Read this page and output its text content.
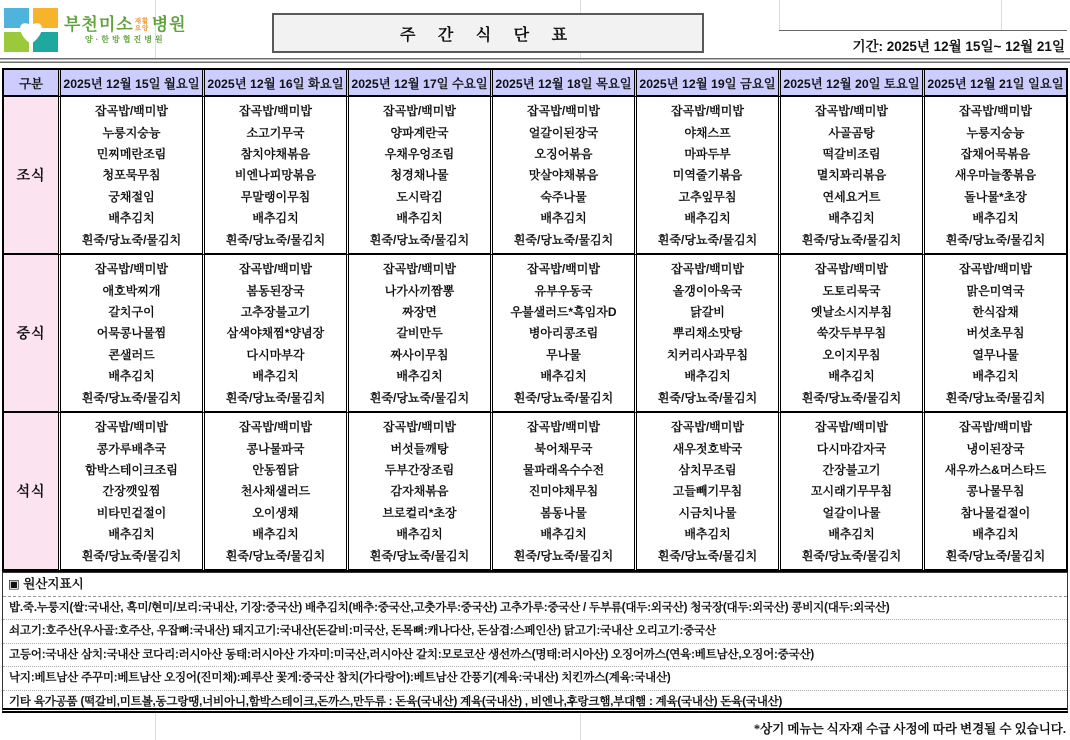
부천미소 재활요양 병원
양·한방협진병원	주 간 식 단 표
기간: 2025년 12월 15일~ 12월 21일
구분	2025년 12월 15일 월요일 2025년 12월 16일 화요일 2025년 12월 17일 수요일 2025년 12월 18일 목요일 2025년 12월 19일 금요일 2025년 12월 20일 토요일 2025년 12월 21일 일요일
조식
잡곡밥/백미밥
누룽지숭늉
민찌메란조림
청포묵무침
궁채절임
배추김치
흰죽/당뇨죽/물김치
잡곡밥/백미밥
소고기무국
참치야채볶음
비엔나피망볶음
무말랭이무침
배추김치
흰죽/당뇨죽/물김치
잡곡밥/백미밥
양파계란국
우채우엉조림
청경채나물
도시락김
배추김치
흰죽/당뇨죽/물김치
잡곡밥/백미밥
얼갈이된장국
오징어볶음
맛살야채볶음
숙주나물
배추김치
흰죽/당뇨죽/물김치
잡곡밥/백미밥
야채스프
마파두부
미역줄기볶음
고추잎무침
배추김치
흰죽/당뇨죽/물김치
잡곡밥/백미밥
사골곰탕
떡갈비조림
멸치꽈리볶음
연세요거트
배추김치
흰죽/당뇨죽/물김치
잡곡밥/백미밥
누룽지숭늉
잡채어묵볶음
새우마늘쫑볶음
돌나물*초장
배추김치
흰죽/당뇨죽/물김치
중식
잡곡밥/백미밥
애호박찌개
갈치구이
어묵콩나물찜
콘샐러드
배추김치
흰죽/당뇨죽/물김치
잡곡밥/백미밥
봄동된장국
고추장불고기
삼색야채찜*양념장
다시마부각
배추김치
흰죽/당뇨죽/물김치
잡곡밥/백미밥
나가사끼짬뽕
짜장면
갈비만두
짜사이무침
배추김치
흰죽/당뇨죽/물김치
잡곡밥/백미밥
유부우동국
우불샐러드*흑임자D
병아리콩조림
무나물
배추김치
흰죽/당뇨죽/물김치
잡곡밥/백미밥
올갱이아욱국
닭갈비
뿌리채소맛탕
치커리사과무침
배추김치
흰죽/당뇨죽/물김치
잡곡밥/백미밥
도토리묵국
옛날소시지부침
쑥갓두부무침
오이지무침
배추김치
흰죽/당뇨죽/물김치
잡곡밥/백미밥
맑은미역국
한식잡채
버섯초무침
열무나물
배추김치
흰죽/당뇨죽/물김치
석식
잡곡밥/백미밥
콩가루배추국
함박스테이크조림
간장깻잎찜
비타민겉절이
배추김치
흰죽/당뇨죽/물김치
잡곡밥/백미밥
콩나물파국
안동찜닭
천사채샐러드
오이생채
배추김치
흰죽/당뇨죽/물김치
잡곡밥/백미밥
버섯들깨탕
두부간장조림
감자채볶음
브로컬리*초장
배추김치
흰죽/당뇨죽/물김치
잡곡밥/백미밥
북어채무국
물파래옥수수전
진미야채무침
봄동나물
배추김치
흰죽/당뇨죽/물김치
잡곡밥/백미밥
새우젓호박국
삼치무조림
고들빼기무침
시금치나물
배추김치
흰죽/당뇨죽/물김치
잡곡밥/백미밥
다시마감자국
간장불고기
꼬시래기무무침
얼갈이나물
배추김치
흰죽/당뇨죽/물김치
잡곡밥/백미밥
냉이된장국
새우까스&머스타드
콩나물무침
참나물겉절이
배추김치
흰죽/당뇨죽/물김치
▣ 원산지표시
밥.죽.누룽지(쌀:국내산, 흑미/현미/보리:국내산, 기장:중국산) 배추김치(배추:중국산,고춧가루:중국산) 고추가루:중국산 / 두부류(대두:외국산) 청국장(대두:외국산) 콩비지(대두:외국산)
쇠고기:호주산(우사골:호주산, 우잡뼈:국내산) 돼지고기:국내산(돈갈비:미국산, 돈목뼈:캐나다산, 돈삼겹:스페인산) 닭고기:국내산 오리고기:중국산
고등어:국내산 삼치:국내산 코다리:러시아산 동태:러시아산 가자미:미국산,러시아산 갈치:모로코산 생선까스(명태:러시아산) 오징어까스(연육:베트남산,오징어:중국산)
낙지:베트남산 주꾸미:베트남산 오징어(진미채):페루산 꽃게:중국산 참치(가다랑어):베트남산 간풍기(계육:국내산) 치킨까스(계육:국내산)
기타 육가공품 (떡갈비,미트볼,동그랑땡,너비아니,함박스테이크,돈까스,만두류 : 돈육(국내산) 계육(국내산) , 비엔나,후랑크햄,부대햄 : 계육(국내산) 돈육(국내산)
*상기 메뉴는 식자재 수급 사정에 따라 변경될 수 있습니다.
